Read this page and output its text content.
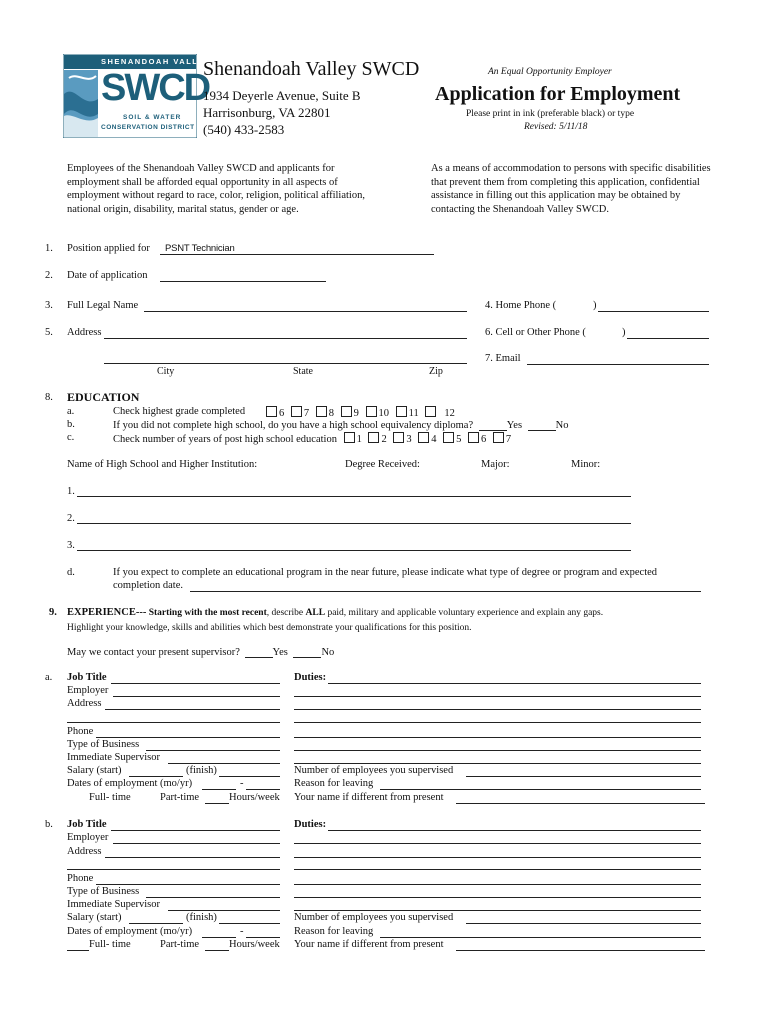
SHENANDOAH VALLEY
SWCD
SOIL & WATER
CONSERVATION DISTRICT
Shenandoah Valley SWCD
1934 Deyerle Avenue, Suite B
Harrisonburg, VA 22801
(540) 433-2583
An Equal Opportunity Employer
Application for Employment
Please print in ink (preferable black) or type
Revised: 5/11/18
Employees of the Shenandoah Valley SWCD and applicants for
employment shall be afforded equal opportunity in all aspects of
employment without regard to race, color, religion, political affiliation,
national origin, disability, marital status, gender or age.
As a means of accommodation to persons with specific disabilities
that prevent them from completing this application, confidential
assistance in filling out this application may be obtained by
contacting the Shenandoah Valley SWCD.
1. Position applied for PSNT Technician
2. Date of application
3. Full Legal Name	4. Home Phone (	)
5. Address	6. Cell or Other Phone (	)
7. Email
City	State	Zip
8. EDUCATION
a.	Check highest grade completed	6 7 8 9 10 11 12
b.	If you did not complete high school, do you have a high school equivalency diploma?	Yes	No
c.	Check number of years of post high school education 1 2 3 4 5 6 7
Name of High School and Higher Institution:	Degree Received:	Major:	Minor:
1.
2.
3.
d.	If you expect to complete an educational program in the near future, please indicate what type of degree or program and expected
completion date.
9. EXPERIENCE--- Starting with the most recent, describe ALL paid, military and applicable voluntary experience and explain any gaps.
Highlight your knowledge, skills and abilities which best demonstrate your qualifications for this position.
May we contact your present supervisor?	Yes	No
a. Job Title
Employer
Address
Phone
Type of Business
Immediate Supervisor
Salary (start)	(finish)
Dates of employment (mo/yr)	-
Full- time	Part-time	Hours/week
Duties:
Number of employees you supervised
Reason for leaving
Your name if different from present
b. Job Title
Employer
Address
Phone
Type of Business
Immediate Supervisor
Salary (start)	(finish)
Dates of employment (mo/yr)	-
Full- time	Part-time	Hours/week
Duties:
Number of employees you supervised
Reason for leaving
Your name if different from present
